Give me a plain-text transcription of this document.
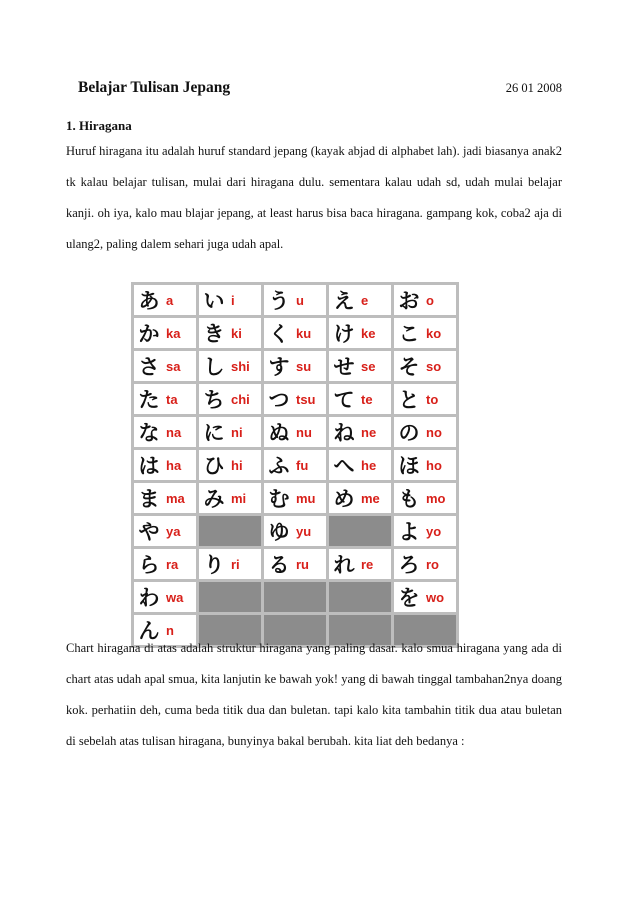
Belajar Tulisan Jepang	26 01 2008
1. Hiragana
Huruf hiragana itu adalah huruf standard jepang (kayak abjad di alphabet lah). jadi biasanya anak2 tk kalau belajar tulisan, mulai dari hiragana dulu. sementara kalau udah sd, udah mulai belajar kanji. oh iya, kalo mau blajar jepang, at least harus bisa baca hiragana. gampang kok, coba2 aja di ulang2, paling dalem sehari juga udah apal.
あ a	い i	う u	え e	お o
か ka	き ki	く ku	け ke	こ ko
さ sa	し shi	す su	せ se	そ so
た ta	ち chi	つ tsu	て te	と to
な na	に ni	ぬ nu	ね ne	の no
は ha	ひ hi	ふ fu	へ he	ほ ho
ま ma	み mi	む mu	め me	も mo
や ya		ゆ yu		よ yo
ら ra	り ri	る ru	れ re	ろ ro
わ wa				を wo
ん n				
Chart hiragana di atas adalah struktur hiragana yang paling dasar. kalo smua hiragana yang ada di chart atas udah apal smua, kita lanjutin ke bawah yok! yang di bawah tinggal tambahan2nya doang kok. perhatiin deh, cuma beda titik dua dan buletan. tapi kalo kita tambahin titik dua atau buletan di sebelah atas tulisan hiragana, bunyinya bakal berubah. kita liat deh bedanya :
